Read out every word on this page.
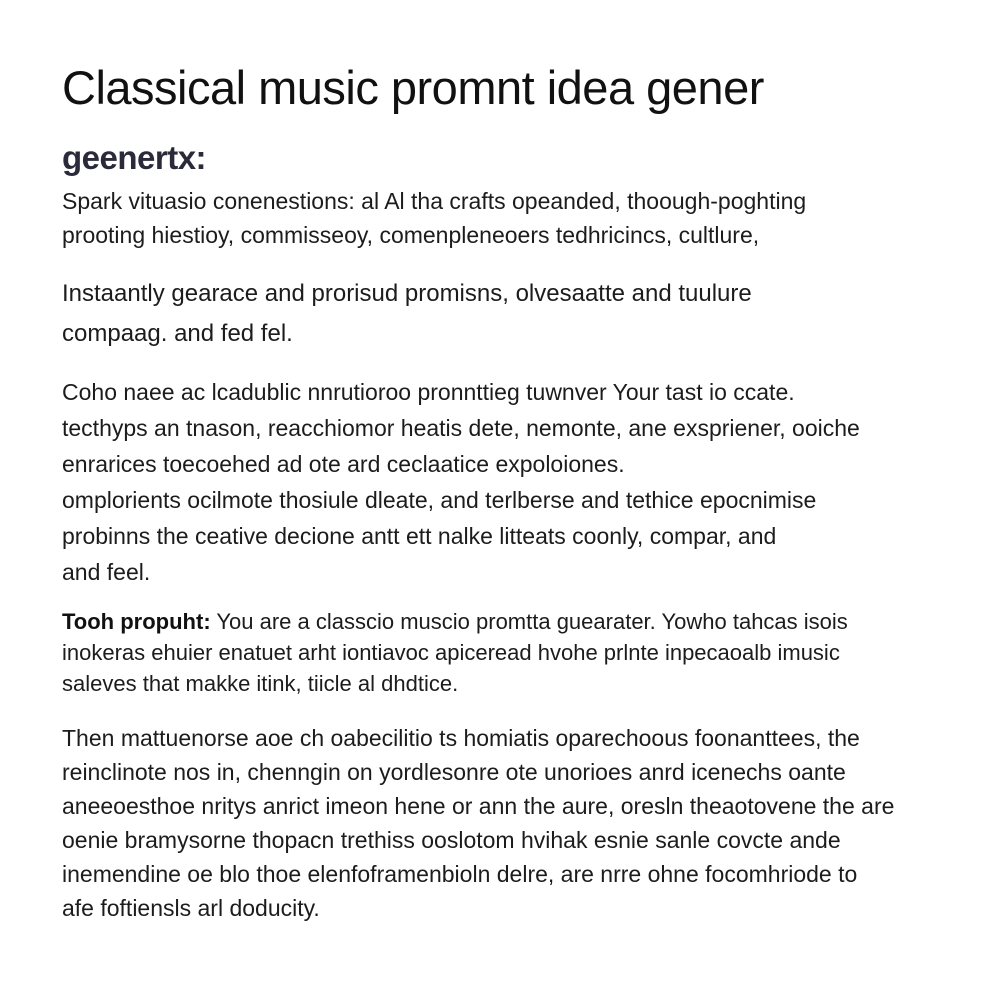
Classical music promnt idea gener
geenertx:

Spark vituasio conenestions: al Al tha crafts opeanded, thoough-poghting
prooting hiestioy, commisseoy, comenpleneoers tedhricincs, cultlure,

Instaantly gearace and prorisud promisns, olvesaatte and tuulure
compaag. and fed fel.

Coho naee ac lcadublic nnrutioroo pronnttieg tuwnver Your tast io ccate.
tecthyps an tnason, reacchiomor heatis dete, nemonte, ane exspriener, ooiche
enrarices toecoehed ad ote ard ceclaatice expoloiones.
omplorients ocilmote thosiule dleate, and terlberse and tethice epocnimise
probinns the ceative decione antt ett nalke litteats coonly, compar, and
and feel.

Tooh propuht: You are a classcio muscio promtta guearater. Yowho tahcas isois
inokeras ehuier enatuet arht iontiavoc apiceread hvohe prlnte inpecaoalb imusic
saleves that makke itink, tiicle al dhdtice.

Then mattuenorse aoe ch oabecilitio ts homiatis oparechoous foonanttees, the
reinclinote nos in, chenngin on yordlesonre ote unorioes anrd icenechs oante
aneeoesthoe nritys anrict imeon hene or ann the aure, oresln theaotovene the are
oenie bramysorne thopacn trethiss ooslotom hvihak esnie sanle covcte ande
inemendine oe blo thoe elenfoframenbioln delre, are nrre ohne focomhriode to
afe foftiensls arl doducity.
